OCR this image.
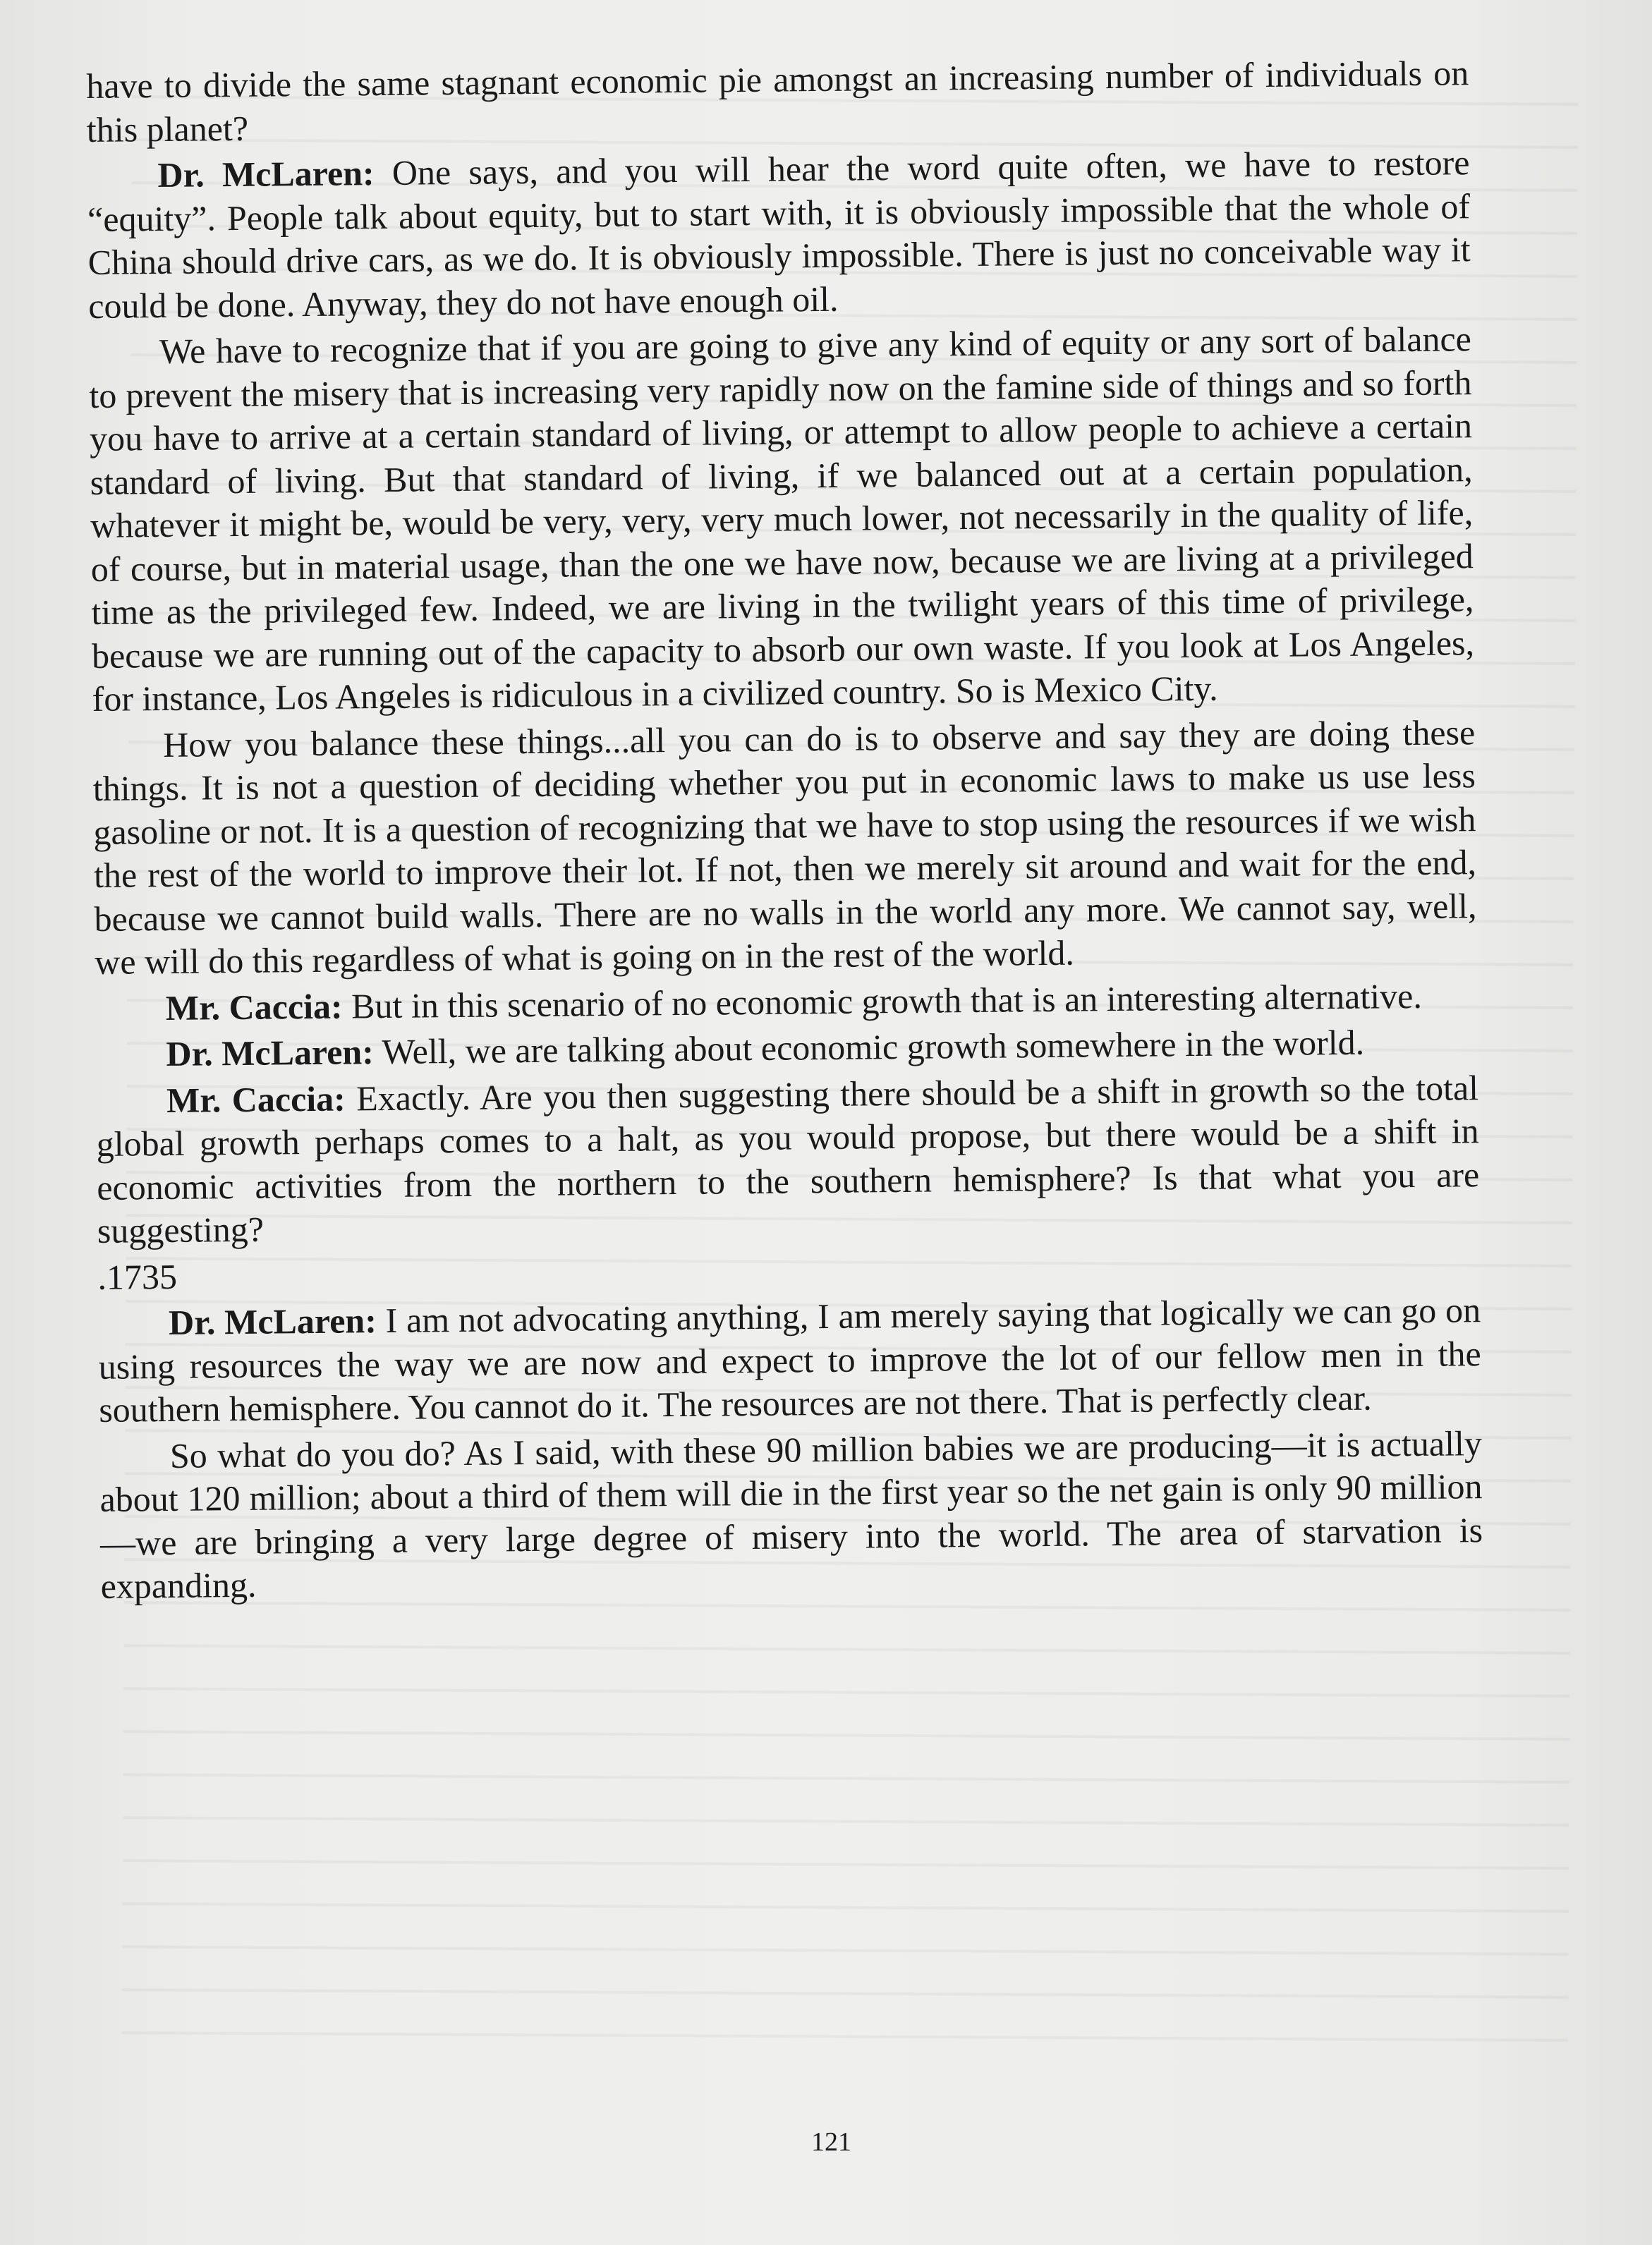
have to divide the same stagnant economic pie amongst an increasing number of individuals on this planet?

Dr. McLaren: One says, and you will hear the word quite often, we have to restore “equity”. People talk about equity, but to start with, it is obviously impossible that the whole of China should drive cars, as we do. It is obviously impossible. There is just no conceivable way it could be done. Anyway, they do not have enough oil.

We have to recognize that if you are going to give any kind of equity or any sort of balance to prevent the misery that is increasing very rapidly now on the famine side of things and so forth you have to arrive at a certain standard of living, or attempt to allow people to achieve a certain standard of living. But that standard of living, if we balanced out at a certain population, whatever it might be, would be very, very, very much lower, not necessarily in the quality of life, of course, but in material usage, than the one we have now, because we are living at a privileged time as the privileged few. Indeed, we are living in the twilight years of this time of privilege, because we are running out of the capacity to absorb our own waste. If you look at Los Angeles, for instance, Los Angeles is ridiculous in a civilized country. So is Mexico City.

How you balance these things...all you can do is to observe and say they are doing these things. It is not a question of deciding whether you put in economic laws to make us use less gasoline or not. It is a question of recognizing that we have to stop using the resources if we wish the rest of the world to improve their lot. If not, then we merely sit around and wait for the end, because we cannot build walls. There are no walls in the world any more. We cannot say, well, we will do this regardless of what is going on in the rest of the world.

Mr. Caccia: But in this scenario of no economic growth that is an interesting alternative.

Dr. McLaren: Well, we are talking about economic growth somewhere in the world.

Mr. Caccia: Exactly. Are you then suggesting there should be a shift in growth so the total global growth perhaps comes to a halt, as you would propose, but there would be a shift in economic activities from the northern to the southern hemisphere? Is that what you are suggesting?

.1735

Dr. McLaren: I am not advocating anything, I am merely saying that logically we can go on using resources the way we are now and expect to improve the lot of our fellow men in the southern hemisphere. You cannot do it. The resources are not there. That is perfectly clear.

So what do you do? As I said, with these 90 million babies we are producing—it is actually about 120 million; about a third of them will die in the first year so the net gain is only 90 million—we are bringing a very large degree of misery into the world. The area of starvation is expanding.

121
